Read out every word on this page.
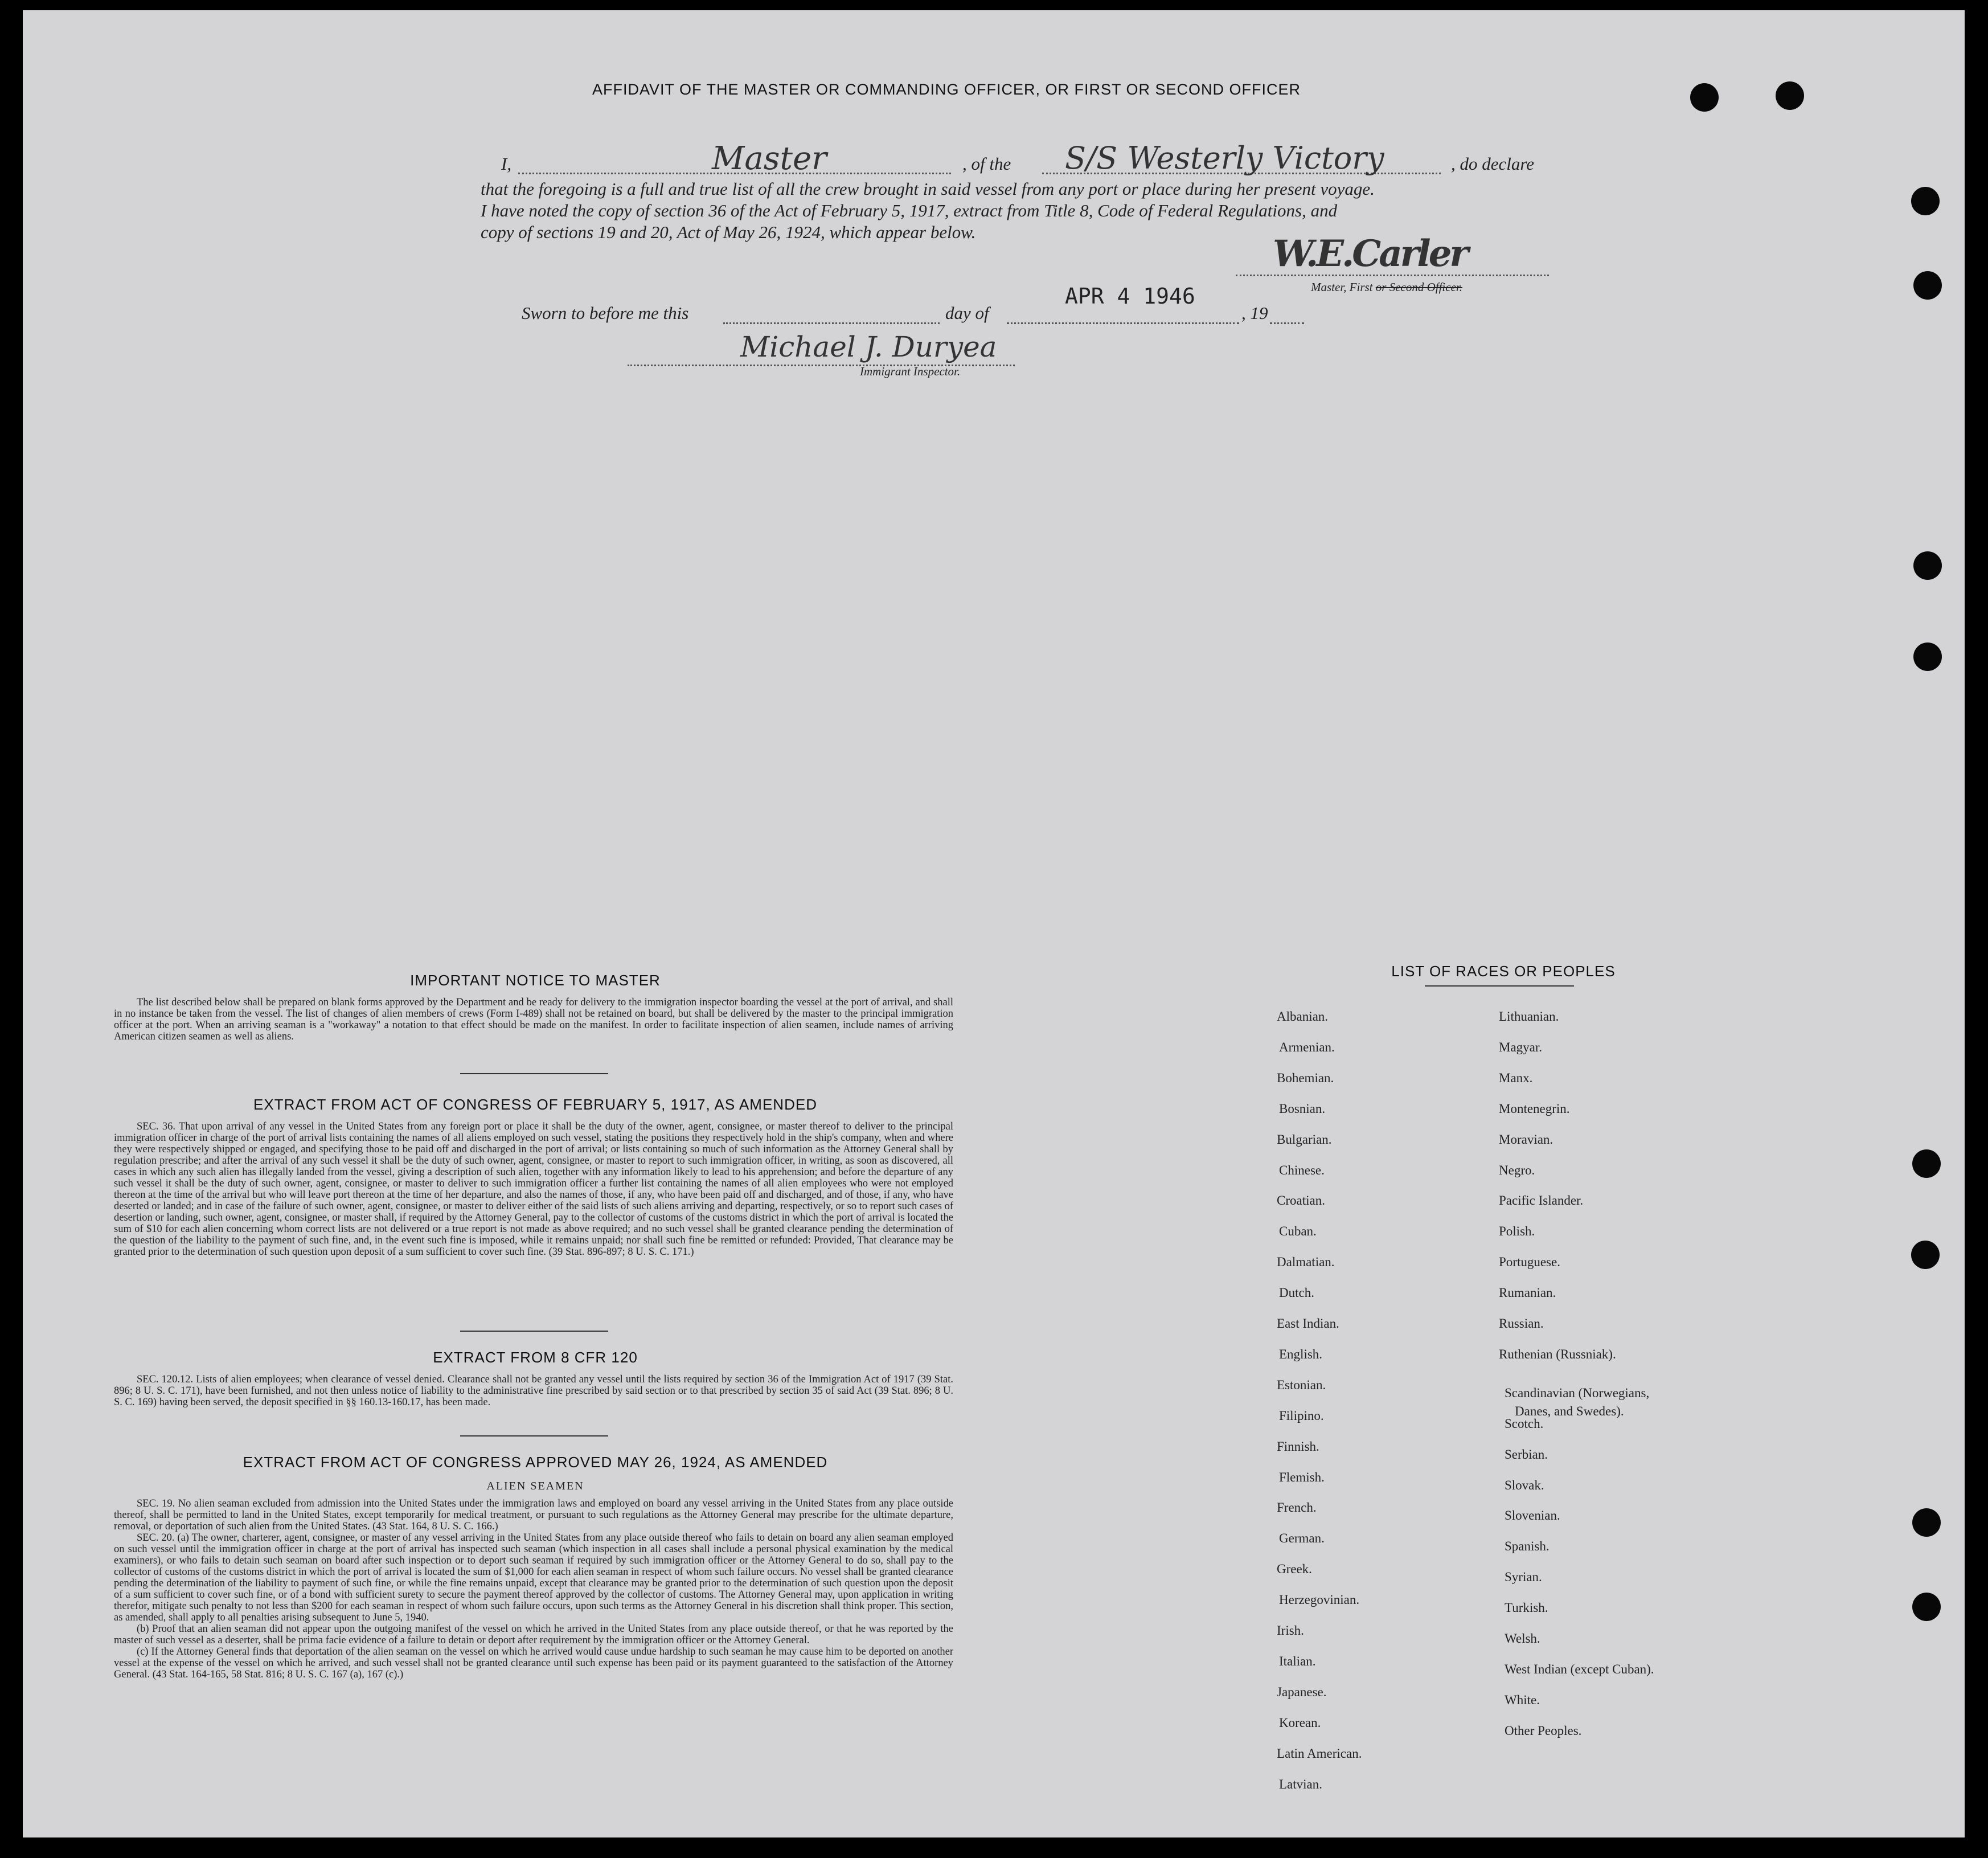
AFFIDAVIT OF THE MASTER OR COMMANDING OFFICER, OR FIRST OR SECOND OFFICER
I,	Master	, of the S/S Westerly Victory	, do declare
that the foregoing is a full and true list of all the crew brought in said vessel from any port or place during her present voyage.
I have noted the copy of section 36 of the Act of February 5, 1917, extract from Title 8, Code of Federal Regulations, and
copy of sections 19 and 20, Act of May 26, 1924, which appear below.
W.E.Carler
Master, First or Second Officer.
Sworn to before me this	day of
APR 4 1946
, 19
Michael J. Duryea
Immigrant Inspector.
IMPORTANT NOTICE TO MASTER

The list described below shall be prepared on blank forms approved by the Department and be ready for delivery to the immigration inspector boarding the vessel at the port of arrival, and shall in no instance be taken from the vessel. The list of changes of alien members of crews (Form I-489) shall not be retained on board, but shall be delivered by the master to the principal immigration officer at the port. When an arriving seaman is a "workaway" a notation to that effect should be made on the manifest. In order to facilitate inspection of alien seamen, include names of arriving American citizen seamen as well as aliens.

EXTRACT FROM ACT OF CONGRESS OF FEBRUARY 5, 1917, AS AMENDED

SEC. 36. That upon arrival of any vessel in the United States from any foreign port or place it shall be the duty of the owner, agent, consignee, or master thereof to deliver to the principal immigration officer in charge of the port of arrival lists containing the names of all aliens employed on such vessel, stating the positions they respectively hold in the ship's company, when and where they were respectively shipped or engaged, and specifying those to be paid off and discharged in the port of arrival; or lists containing so much of such information as the Attorney General shall by regulation prescribe; and after the arrival of any such vessel it shall be the duty of such owner, agent, consignee, or master to report to such immigration officer, in writing, as soon as discovered, all cases in which any such alien has illegally landed from the vessel, giving a description of such alien, together with any information likely to lead to his apprehension; and before the departure of any such vessel it shall be the duty of such owner, agent, consignee, or master to deliver to such immigration officer a further list containing the names of all alien employees who were not employed thereon at the time of the arrival but who will leave port thereon at the time of her departure, and also the names of those, if any, who have been paid off and discharged, and of those, if any, who have deserted or landed; and in case of the failure of such owner, agent, consignee, or master to deliver either of the said lists of such aliens arriving and departing, respectively, or so to report such cases of desertion or landing, such owner, agent, consignee, or master shall, if required by the Attorney General, pay to the collector of customs of the customs district in which the port of arrival is located the sum of $10 for each alien concerning whom correct lists are not delivered or a true report is not made as above required; and no such vessel shall be granted clearance pending the determination of the question of the liability to the payment of such fine, and, in the event such fine is imposed, while it remains unpaid; nor shall such fine be remitted or refunded: Provided, That clearance may be granted prior to the determination of such question upon deposit of a sum sufficient to cover such fine. (39 Stat. 896-897; 8 U. S. C. 171.)

EXTRACT FROM 8 CFR 120

SEC. 120.12. Lists of alien employees; when clearance of vessel denied. Clearance shall not be granted any vessel until the lists required by section 36 of the Immigration Act of 1917 (39 Stat. 896; 8 U. S. C. 171), have been furnished, and not then unless notice of liability to the administrative fine prescribed by said section or to that prescribed by section 35 of said Act (39 Stat. 896; 8 U. S. C. 169) having been served, the deposit specified in §§ 160.13-160.17, has been made.

EXTRACT FROM ACT OF CONGRESS APPROVED MAY 26, 1924, AS AMENDED
ALIEN SEAMEN

SEC. 19. No alien seaman excluded from admission into the United States under the immigration laws and employed on board any vessel arriving in the United States from any place outside thereof, shall be permitted to land in the United States, except temporarily for medical treatment, or pursuant to such regulations as the Attorney General may prescribe for the ultimate departure, removal, or deportation of such alien from the United States. (43 Stat. 164, 8 U. S. C. 166.)

SEC. 20. (a) The owner, charterer, agent, consignee, or master of any vessel arriving in the United States from any place outside thereof who fails to detain on board any alien seaman employed on such vessel until the immigration officer in charge at the port of arrival has inspected such seaman (which inspection in all cases shall include a personal physical examination by the medical examiners), or who fails to detain such seaman on board after such inspection or to deport such seaman if required by such immigration officer or the Attorney General to do so, shall pay to the collector of customs of the customs district in which the port of arrival is located the sum of $1,000 for each alien seaman in respect of whom such failure occurs. No vessel shall be granted clearance pending the determination of the liability to payment of such fine, or while the fine remains unpaid, except that clearance may be granted prior to the determination of such question upon the deposit of a sum sufficient to cover such fine, or of a bond with sufficient surety to secure the payment thereof approved by the collector of customs. The Attorney General may, upon application in writing therefor, mitigate such penalty to not less than $200 for each seaman in respect of whom such failure occurs, upon such terms as the Attorney General in his discretion shall think proper. This section, as amended, shall apply to all penalties arising subsequent to June 5, 1940.

(b) Proof that an alien seaman did not appear upon the outgoing manifest of the vessel on which he arrived in the United States from any place outside thereof, or that he was reported by the master of such vessel as a deserter, shall be prima facie evidence of a failure to detain or deport after requirement by the immigration officer or the Attorney General.

(c) If the Attorney General finds that deportation of the alien seaman on the vessel on which he arrived would cause undue hardship to such seaman he may cause him to be deported on another vessel at the expense of the vessel on which he arrived, and such vessel shall not be granted clearance until such expense has been paid or its payment guaranteed to the satisfaction of the Attorney General. (43 Stat. 164-165, 58 Stat. 816; 8 U. S. C. 167 (a), 167 (c).)

LIST OF RACES OR PEOPLES
Albanian.
Armenian.
Bohemian.
Bosnian.
Bulgarian.
Chinese.
Croatian.
Cuban.
Dalmatian.
Dutch.
East Indian.
English.
Estonian.
Filipino.
Finnish.
Flemish.
French.
German.
Greek.
Herzegovinian.
Irish.
Italian.
Japanese.
Korean.
Latin American.
Latvian.
Lithuanian.
Magyar.
Manx.
Montenegrin.
Moravian.
Negro.
Pacific Islander.
Polish.
Portuguese.
Rumanian.
Russian.
Ruthenian (Russniak).
Scandinavian (Norwegians,
Danes, and Swedes).
Scotch.
Serbian.
Slovak.
Slovenian.
Spanish.
Syrian.
Turkish.
Welsh.
West Indian (except Cuban).
White.
Other Peoples.
